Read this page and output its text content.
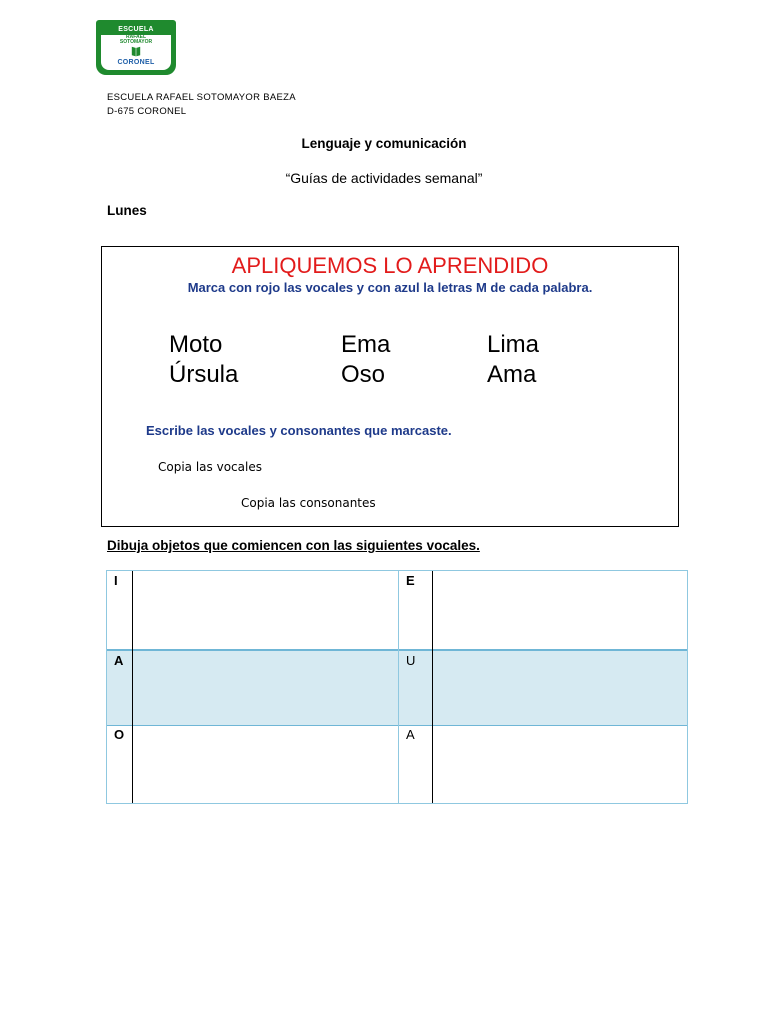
ESCUELA
RAFAEL
SOTOMAYOR
CORONEL
ESCUELA RAFAEL SOTOMAYOR BAEZA
D-675 CORONEL
Lenguaje y comunicación
“Guías de actividades semanal”
Lunes
APLIQUEMOS LO APRENDIDO
Marca con rojo las vocales y con azul la letras M de cada palabra.
Moto	Ema	Lima
Úrsula	Oso	Ama
Escribe las vocales y consonantes que marcaste.
Copia las vocales
Copia las consonantes
Dibuja objetos que comiencen con las siguientes vocales.
I	E
A	U
O	A
